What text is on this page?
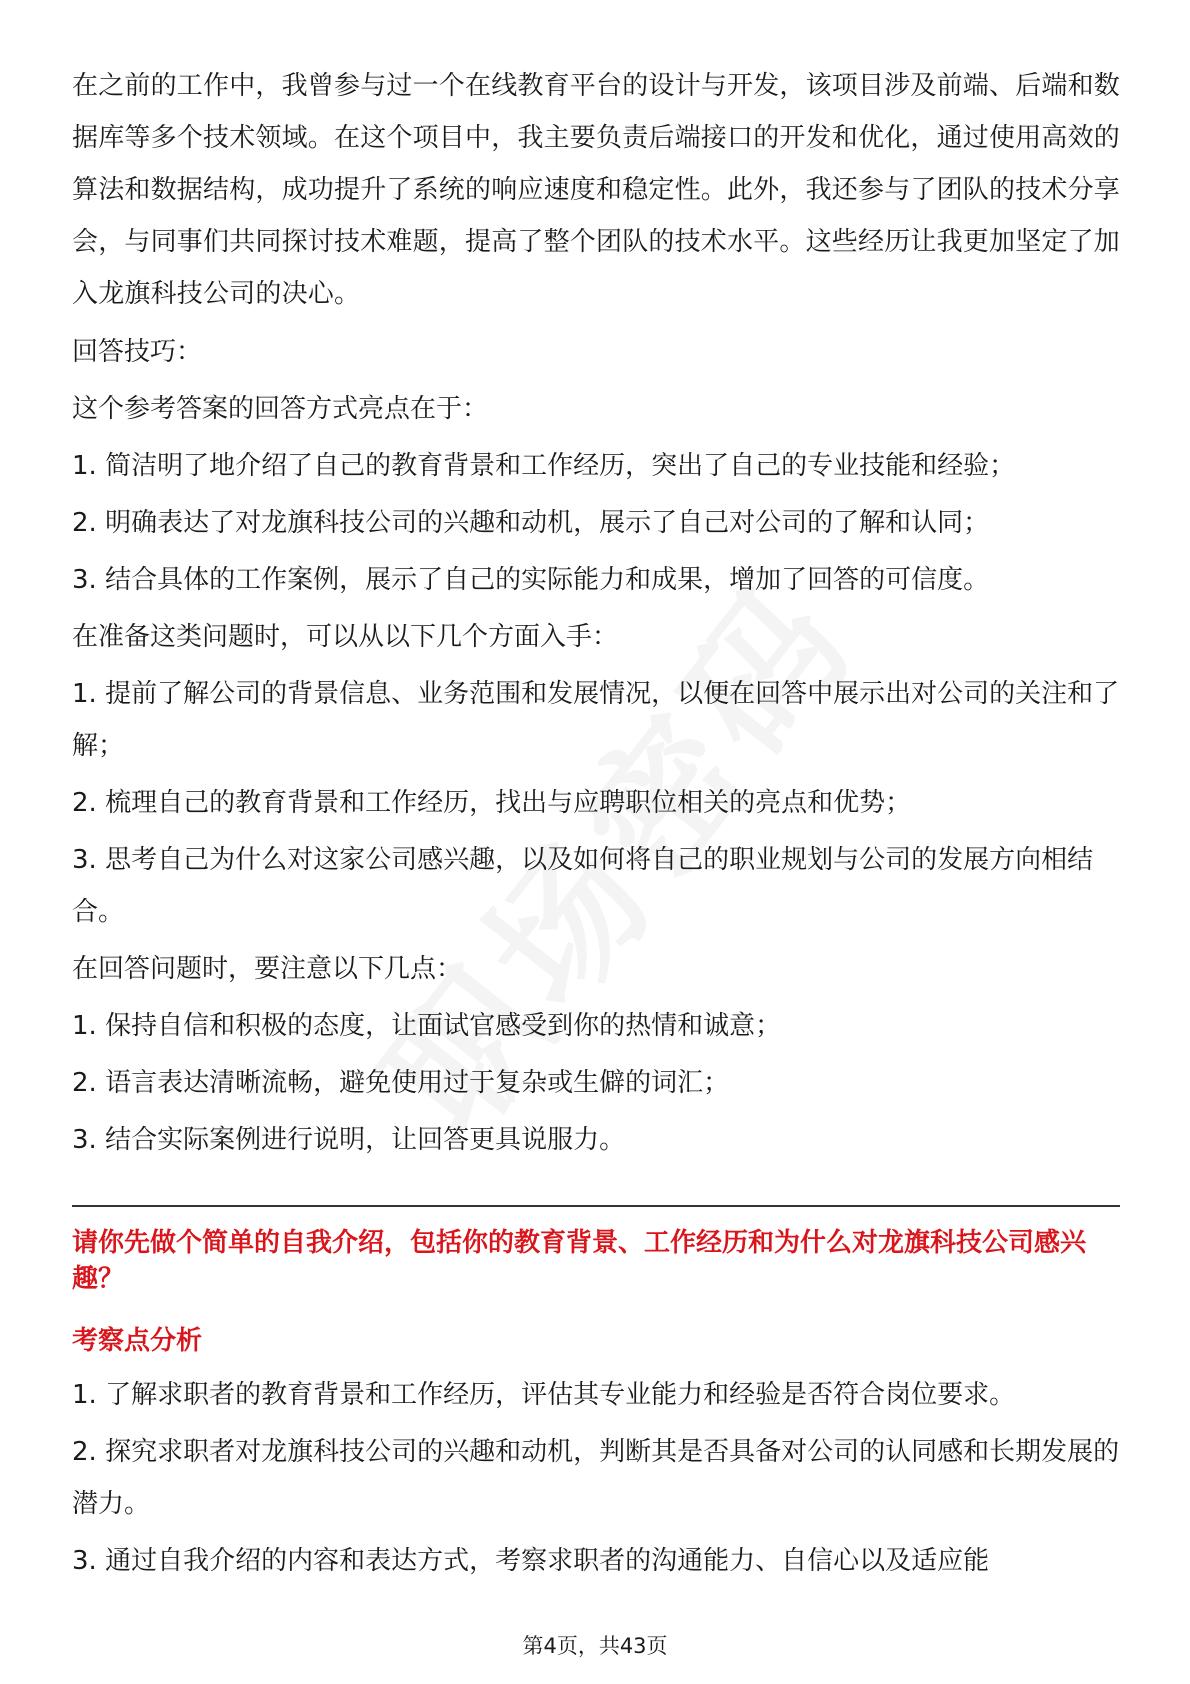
在之前的工作中，我曾参与过一个在线教育平台的设计与开发，该项目涉及前端、后端和数据库等多个技术领域。在这个项目中，我主要负责后端接口的开发和优化，通过使用高效的算法和数据结构，成功提升了系统的响应速度和稳定性。此外，我还参与了团队的技术分享会，与同事们共同探讨技术难题，提高了整个团队的技术水平。这些经历让我更加坚定了加入龙旗科技公司的决心。

回答技巧：

这个参考答案的回答方式亮点在于：

1. 简洁明了地介绍了自己的教育背景和工作经历，突出了自己的专业技能和经验；

2. 明确表达了对龙旗科技公司的兴趣和动机，展示了自己对公司的了解和认同；

3. 结合具体的工作案例，展示了自己的实际能力和成果，增加了回答的可信度。

在准备这类问题时，可以从以下几个方面入手：

1. 提前了解公司的背景信息、业务范围和发展情况，以便在回答中展示出对公司的关注和了解；

2. 梳理自己的教育背景和工作经历，找出与应聘职位相关的亮点和优势；

3. 思考自己为什么对这家公司感兴趣，以及如何将自己的职业规划与公司的发展方向相结合。

在回答问题时，要注意以下几点：

1. 保持自信和积极的态度，让面试官感受到你的热情和诚意；

2. 语言表达清晰流畅，避免使用过于复杂或生僻的词汇；

3. 结合实际案例进行说明，让回答更具说服力。

请你先做个简单的自我介绍，包括你的教育背景、工作经历和为什么对龙旗科技公司感兴趣？

考察点分析

1. 了解求职者的教育背景和工作经历，评估其专业能力和经验是否符合岗位要求。

2. 探究求职者对龙旗科技公司的兴趣和动机，判断其是否具备对公司的认同感和长期发展的潜力。

3. 通过自我介绍的内容和表达方式，考察求职者的沟通能力、自信心以及适应能

第4页，共43页
